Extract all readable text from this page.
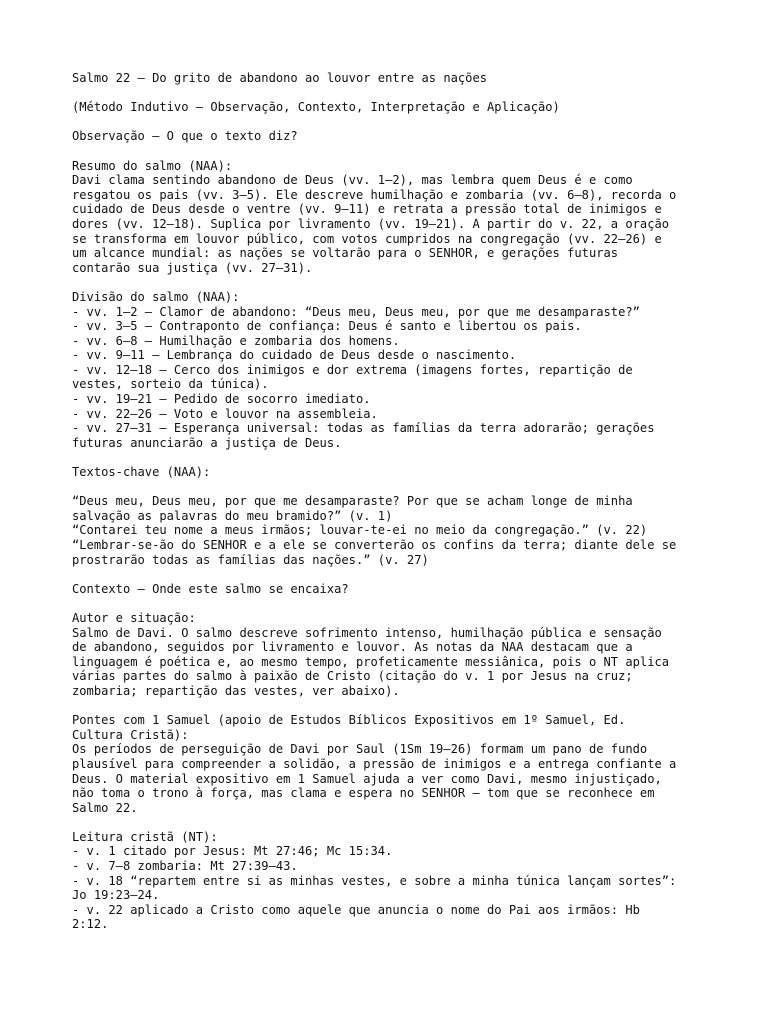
Salmo 22 — Do grito de abandono ao louvor entre as nações
(Método Indutivo – Observação, Contexto, Interpretação e Aplicação)
Observação — O que o texto diz?
Resumo do salmo (NAA):
Davi clama sentindo abandono de Deus (vv. 1–2), mas lembra quem Deus é e como
resgatou os pais (vv. 3–5). Ele descreve humilhação e zombaria (vv. 6–8), recorda o
cuidado de Deus desde o ventre (vv. 9–11) e retrata a pressão total de inimigos e
dores (vv. 12–18). Suplica por livramento (vv. 19–21). A partir do v. 22, a oração
se transforma em louvor público, com votos cumpridos na congregação (vv. 22–26) e
um alcance mundial: as nações se voltarão para o SENHOR, e gerações futuras
contarão sua justiça (vv. 27–31).
Divisão do salmo (NAA):
- vv. 1–2 — Clamor de abandono: “Deus meu, Deus meu, por que me desamparaste?”
- vv. 3–5 — Contraponto de confiança: Deus é santo e libertou os pais.
- vv. 6–8 — Humilhação e zombaria dos homens.
- vv. 9–11 — Lembrança do cuidado de Deus desde o nascimento.
- vv. 12–18 — Cerco dos inimigos e dor extrema (imagens fortes, repartição de
vestes, sorteio da túnica).
- vv. 19–21 — Pedido de socorro imediato.
- vv. 22–26 — Voto e louvor na assembleia.
- vv. 27–31 — Esperança universal: todas as famílias da terra adorarão; gerações
futuras anunciarão a justiça de Deus.
Textos-chave (NAA):
“Deus meu, Deus meu, por que me desamparaste? Por que se acham longe de minha
salvação as palavras do meu bramido?” (v. 1)
“Contarei teu nome a meus irmãos; louvar-te-ei no meio da congregação.” (v. 22)
“Lembrar-se-ão do SENHOR e a ele se converterão os confins da terra; diante dele se
prostrarão todas as famílias das nações.” (v. 27)
Contexto — Onde este salmo se encaixa?
Autor e situação:
Salmo de Davi. O salmo descreve sofrimento intenso, humilhação pública e sensação
de abandono, seguidos por livramento e louvor. As notas da NAA destacam que a
linguagem é poética e, ao mesmo tempo, profeticamente messiânica, pois o NT aplica
várias partes do salmo à paixão de Cristo (citação do v. 1 por Jesus na cruz;
zombaria; repartição das vestes, ver abaixo).
Pontes com 1 Samuel (apoio de Estudos Bíblicos Expositivos em 1º Samuel, Ed.
Cultura Cristã):
Os períodos de perseguição de Davi por Saul (1Sm 19–26) formam um pano de fundo
plausível para compreender a solidão, a pressão de inimigos e a entrega confiante a
Deus. O material expositivo em 1 Samuel ajuda a ver como Davi, mesmo injustiçado,
não toma o trono à força, mas clama e espera no SENHOR — tom que se reconhece em
Salmo 22.
Leitura cristã (NT):
- v. 1 citado por Jesus: Mt 27:46; Mc 15:34.
- v. 7–8 zombaria: Mt 27:39–43.
- v. 18 “repartem entre si as minhas vestes, e sobre a minha túnica lançam sortes”:
Jo 19:23–24.
- v. 22 aplicado a Cristo como aquele que anuncia o nome do Pai aos irmãos: Hb
2:12.
